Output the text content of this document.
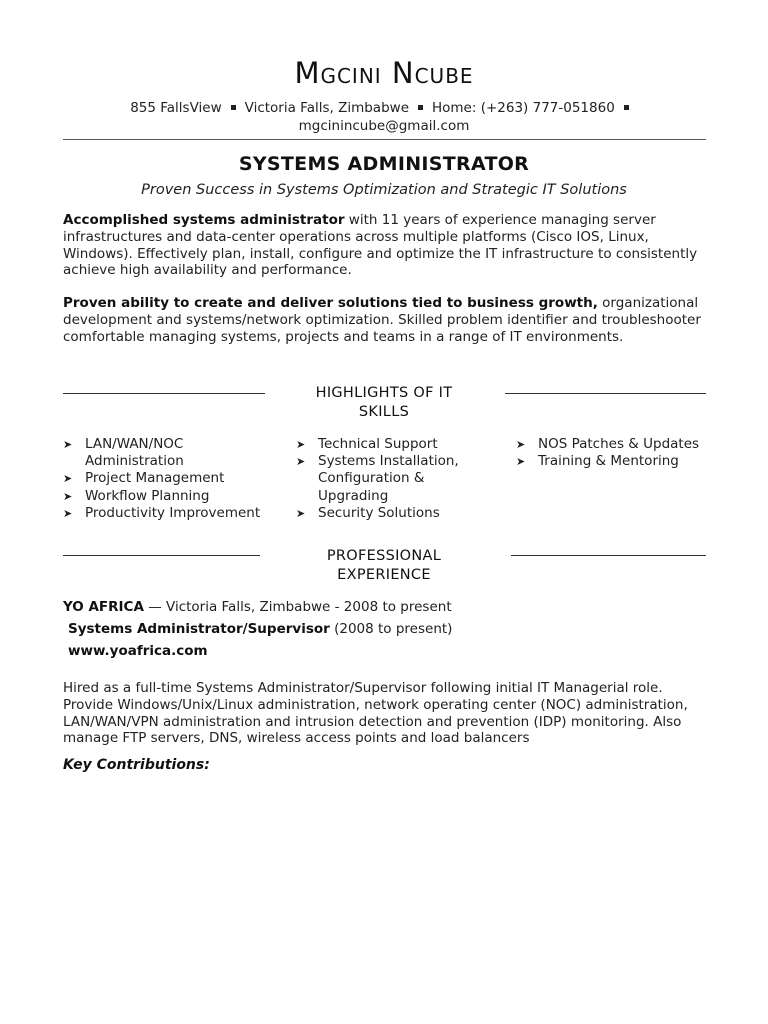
Mgcini Ncube
855 FallsView Victoria Falls, Zimbabwe Home: (+263) 777-051860
mgcinincube@gmail.com
SYSTEMS ADMINISTRATOR
Proven Success in Systems Optimization and Strategic IT Solutions
Accomplished systems administrator with 11 years of experience managing server infrastructures and data-center operations across multiple platforms (Cisco IOS, Linux, Windows). Effectively plan, install, configure and optimize the IT infrastructure to consistently achieve high availability and performance.
Proven ability to create and deliver solutions tied to business growth, organizational development and systems/network optimization. Skilled problem identifier and troubleshooter comfortable managing systems, projects and teams in a range of IT environments.
HIGHLIGHTS OF IT SKILLS
➤ LAN/WAN/NOC Administration
➤ Project Management
➤ Workflow Planning
➤ Productivity Improvement
➤ Technical Support
➤ Systems Installation, Configuration & Upgrading
➤ Security Solutions
➤ NOS Patches & Updates
➤ Training & Mentoring
PROFESSIONAL EXPERIENCE
YO AFRICA — Victoria Falls, Zimbabwe - 2008 to present
Systems Administrator/Supervisor (2008 to present)
www.yoafrica.com
Hired as a full-time Systems Administrator/Supervisor following initial IT Managerial role. Provide Windows/Unix/Linux administration, network operating center (NOC) administration, LAN/WAN/VPN administration and intrusion detection and prevention (IDP) monitoring. Also manage FTP servers, DNS, wireless access points and load balancers
Key Contributions:
